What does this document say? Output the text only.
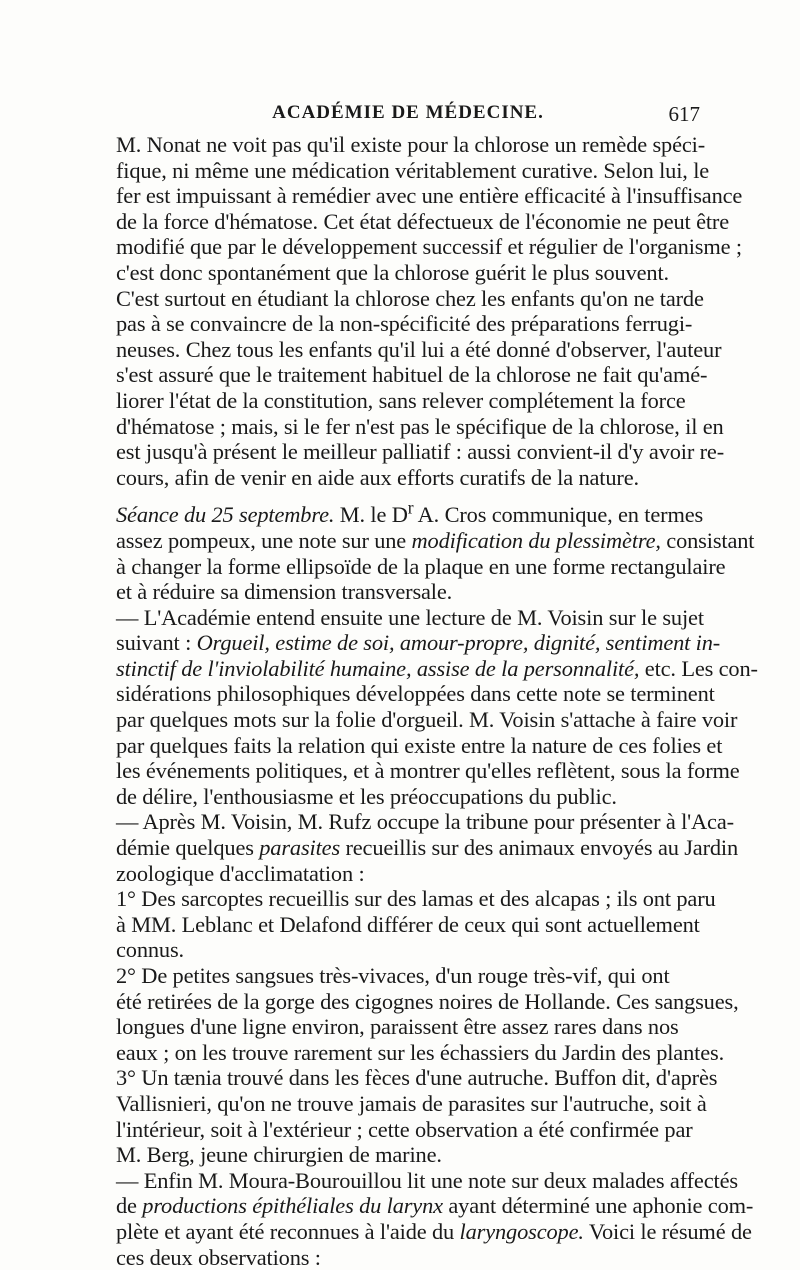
ACADÉMIE DE MÉDECINE.	617

M. Nonat ne voit pas qu'il existe pour la chlorose un remède spéci-

fique, ni même une médication véritablement curative. Selon lui, le

fer est impuissant à remédier avec une entière efficacité à l'insuffisance

de la force d'hématose. Cet état défectueux de l'économie ne peut être

modifié que par le développement successif et régulier de l'organisme ;

c'est donc spontanément que la chlorose guérit le plus souvent.

C'est surtout en étudiant la chlorose chez les enfants qu'on ne tarde

pas à se convaincre de la non-spécificité des préparations ferrugi-

neuses. Chez tous les enfants qu'il lui a été donné d'observer, l'auteur

s'est assuré que le traitement habituel de la chlorose ne fait qu'amé-

liorer l'état de la constitution, sans relever complétement la force

d'hématose ; mais, si le fer n'est pas le spécifique de la chlorose, il en

est jusqu'à présent le meilleur palliatif : aussi convient-il d'y avoir re-

cours, afin de venir en aide aux efforts curatifs de la nature.

Séance du 25 septembre. M. le $D^r$ A. Cros communique, en termes

assez pompeux, une note sur une modification du plessimètre, consistant

à changer la forme ellipsoïde de la plaque en une forme rectangulaire

et à réduire sa dimension transversale.

— L'Académie entend ensuite une lecture de M. Voisin sur le sujet

suivant : Orgueil, estime de soi, amour-propre, dignité, sentiment in-

stinctif de l'inviolabilité humaine, assise de la personnalité, etc. Les con-

sidérations philosophiques développées dans cette note se terminent

par quelques mots sur la folie d'orgueil. M. Voisin s'attache à faire voir

par quelques faits la relation qui existe entre la nature de ces folies et

les événements politiques, et à montrer qu'elles reflètent, sous la forme

de délire, l'enthousiasme et les préoccupations du public.

— Après M. Voisin, M. Rufz occupe la tribune pour présenter à l'Aca-

démie quelques parasites recueillis sur des animaux envoyés au Jardin

zoologique d'acclimatation :

1° Des sarcoptes recueillis sur des lamas et des alcapas ; ils ont paru

à MM. Leblanc et Delafond différer de ceux qui sont actuellement

connus.

2° De petites sangsues très-vivaces, d'un rouge très-vif, qui ont

été retirées de la gorge des cigognes noires de Hollande. Ces sangsues,

longues d'une ligne environ, paraissent être assez rares dans nos

eaux ; on les trouve rarement sur les échassiers du Jardin des plantes.

3° Un tænia trouvé dans les fèces d'une autruche. Buffon dit, d'après

Vallisnieri, qu'on ne trouve jamais de parasites sur l'autruche, soit à

l'intérieur, soit à l'extérieur ; cette observation a été confirmée par

M. Berg, jeune chirurgien de marine.

— Enfin M. Moura-Bourouillou lit une note sur deux malades affectés

de productions épithéliales du larynx ayant déterminé une aphonie com-

plète et ayant été reconnues à l'aide du laryngoscope. Voici le résumé de

ces deux observations :
